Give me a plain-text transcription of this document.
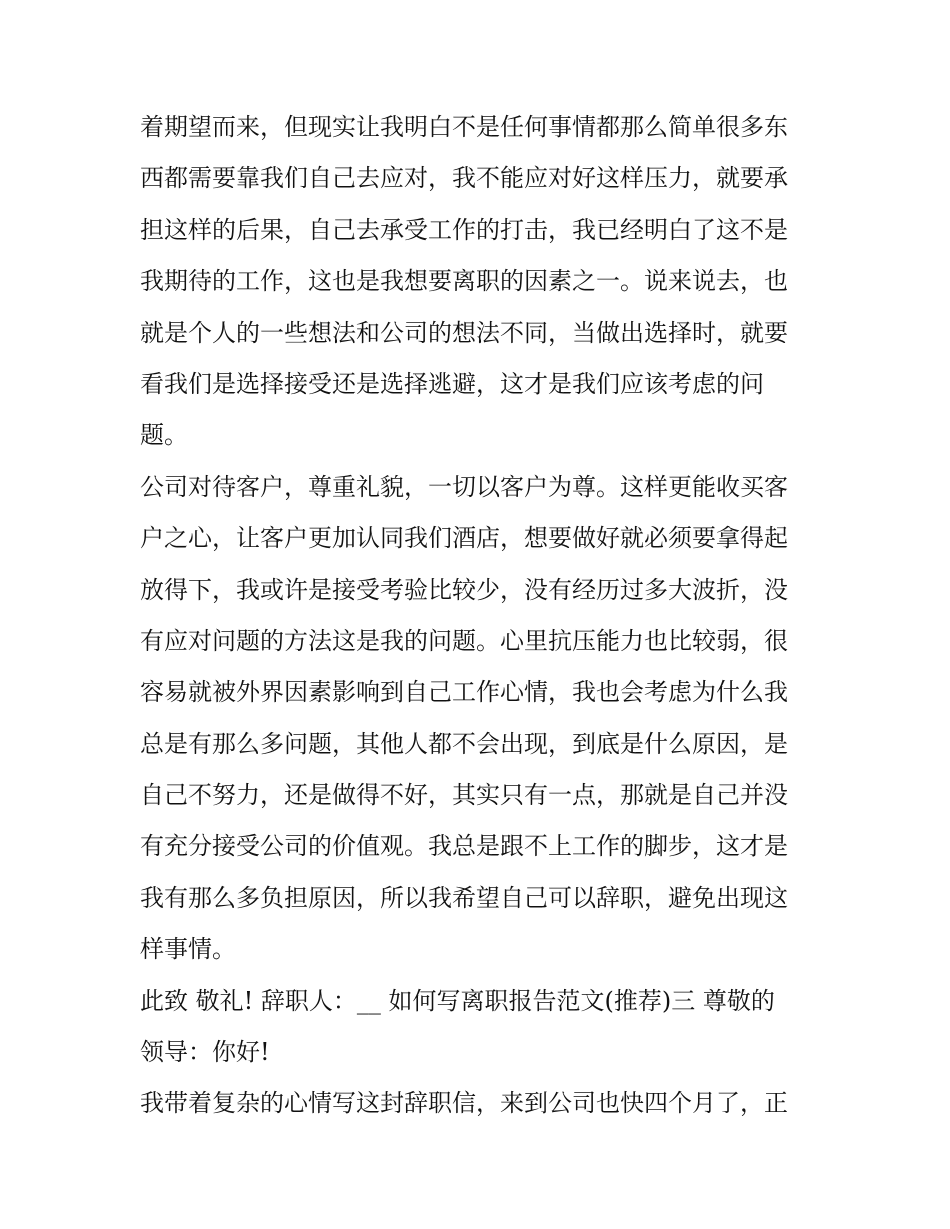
着期望而来，但现实让我明白不是任何事情都那么简单很多东
西都需要靠我们自己去应对，我不能应对好这样压力，就要承
担这样的后果，自己去承受工作的打击，我已经明白了这不是
我期待的工作，这也是我想要离职的因素之一。说来说去，也
就是个人的一些想法和公司的想法不同，当做出选择时，就要
看我们是选择接受还是选择逃避，这才是我们应该考虑的问
题。
公司对待客户，尊重礼貌，一切以客户为尊。这样更能收买客
户之心，让客户更加认同我们酒店，想要做好就必须要拿得起
放得下，我或许是接受考验比较少，没有经历过多大波折，没
有应对问题的方法这是我的问题。心里抗压能力也比较弱，很
容易就被外界因素影响到自己工作心情，我也会考虑为什么我
总是有那么多问题，其他人都不会出现，到底是什么原因，是
自己不努力，还是做得不好，其实只有一点，那就是自己并没
有充分接受公司的价值观。我总是跟不上工作的脚步，这才是
我有那么多负担原因，所以我希望自己可以辞职，避免出现这
样事情。
此致 敬礼! 辞职人：__ 如何写离职报告范文(推荐)三 尊敬的
领导：你好!
我带着复杂的心情写这封辞职信，来到公司也快四个月了，正
